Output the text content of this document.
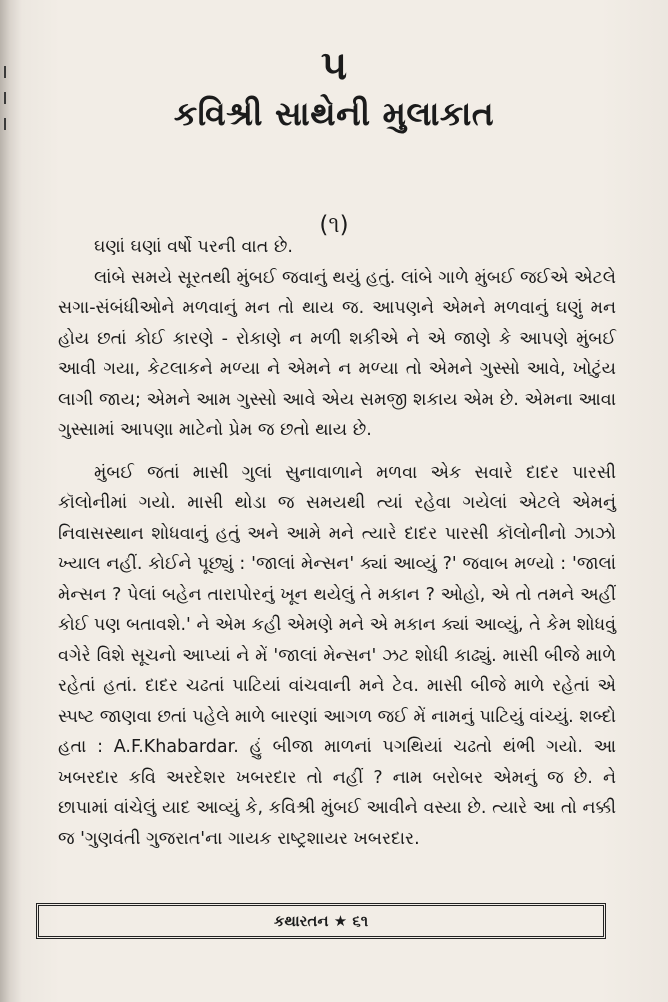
૫
કવિશ્રી સાથેની મુલાકાત
(૧)

ઘણાં ઘણાં વર્ષો પરની વાત છે.

લાંબે સમયે સૂરતથી મુંબઈ જવાનું થયું હતું. લાંબે ગાળે મુંબઈ જઈએ એટલે સગા-સંબંધીઓને મળવાનું મન તો થાય જ. આપણને એમને મળવાનું ઘણું મન હોય છતાં કોઈ કારણે - રોકાણે ન મળી શકીએ ને એ જાણે કે આપણે મુંબઈ આવી ગયા, કેટલાકને મળ્યા ને એમને ન મળ્યા તો એમને ગુસ્સો આવે, ખોટુંય લાગી જાય; એમને આમ ગુસ્સો આવે એય સમજી શકાય એમ છે. એમના આવા ગુસ્સામાં આપણા માટેનો પ્રેમ જ છતો થાય છે.

મુંબઈ જતાં માસી ગુલાં સુનાવાળાને મળવા એક સવારે દાદર પારસી કૉલોનીમાં ગયો. માસી થોડા જ સમયથી ત્યાં રહેવા ગયેલાં એટલે એમનું નિવાસસ્થાન શોધવાનું હતું અને આમે મને ત્યારે દાદર પારસી કૉલોનીનો ઝાઝો ખ્યાલ નહીં. કોઈને પૂછ્યું : 'જાલાં મેન્સન' ક્યાં આવ્યું ?' જવાબ મળ્યો : 'જાલાં મેન્સન ? પેલાં બહેન તારાપોરનું ખૂન થયેલું તે મકાન ? ઓહો, એ તો તમને અહીં કોઈ પણ બતાવશે.' ને એમ કહી એમણે મને એ મકાન ક્યાં આવ્યું, તે કેમ શોધવું વગેરે વિશે સૂચનો આપ્યાં ને મેં 'જાલાં મેન્સન' ઝટ શોધી કાઢ્યું. માસી બીજે માળે રહેતાં હતાં. દાદર ચઢતાં પાટિયાં વાંચવાની મને ટેવ. માસી બીજે માળે રહેતાં એ સ્પષ્ટ જાણવા છતાં પહેલે માળે બારણાં આગળ જઈ મેં નામનું પાટિયું વાંચ્યું. શબ્દો હતા : A.F.Khabardar. હું બીજા માળનાં પગથિયાં ચઢતો થંભી ગયો. આ ખબરદાર કવિ અરદેશર ખબરદાર તો નહીં ? નામ બરોબર એમનું જ છે. ને છાપામાં વાંચેલું યાદ આવ્યું કે, કવિશ્રી મુંબઈ આવીને વસ્યા છે. ત્યારે આ તો નક્કી જ 'ગુણવંતી ગુજરાત'ના ગાયક રાષ્ટ્રશાયર ખબરદાર.

કથારતન ★ ૬૧
